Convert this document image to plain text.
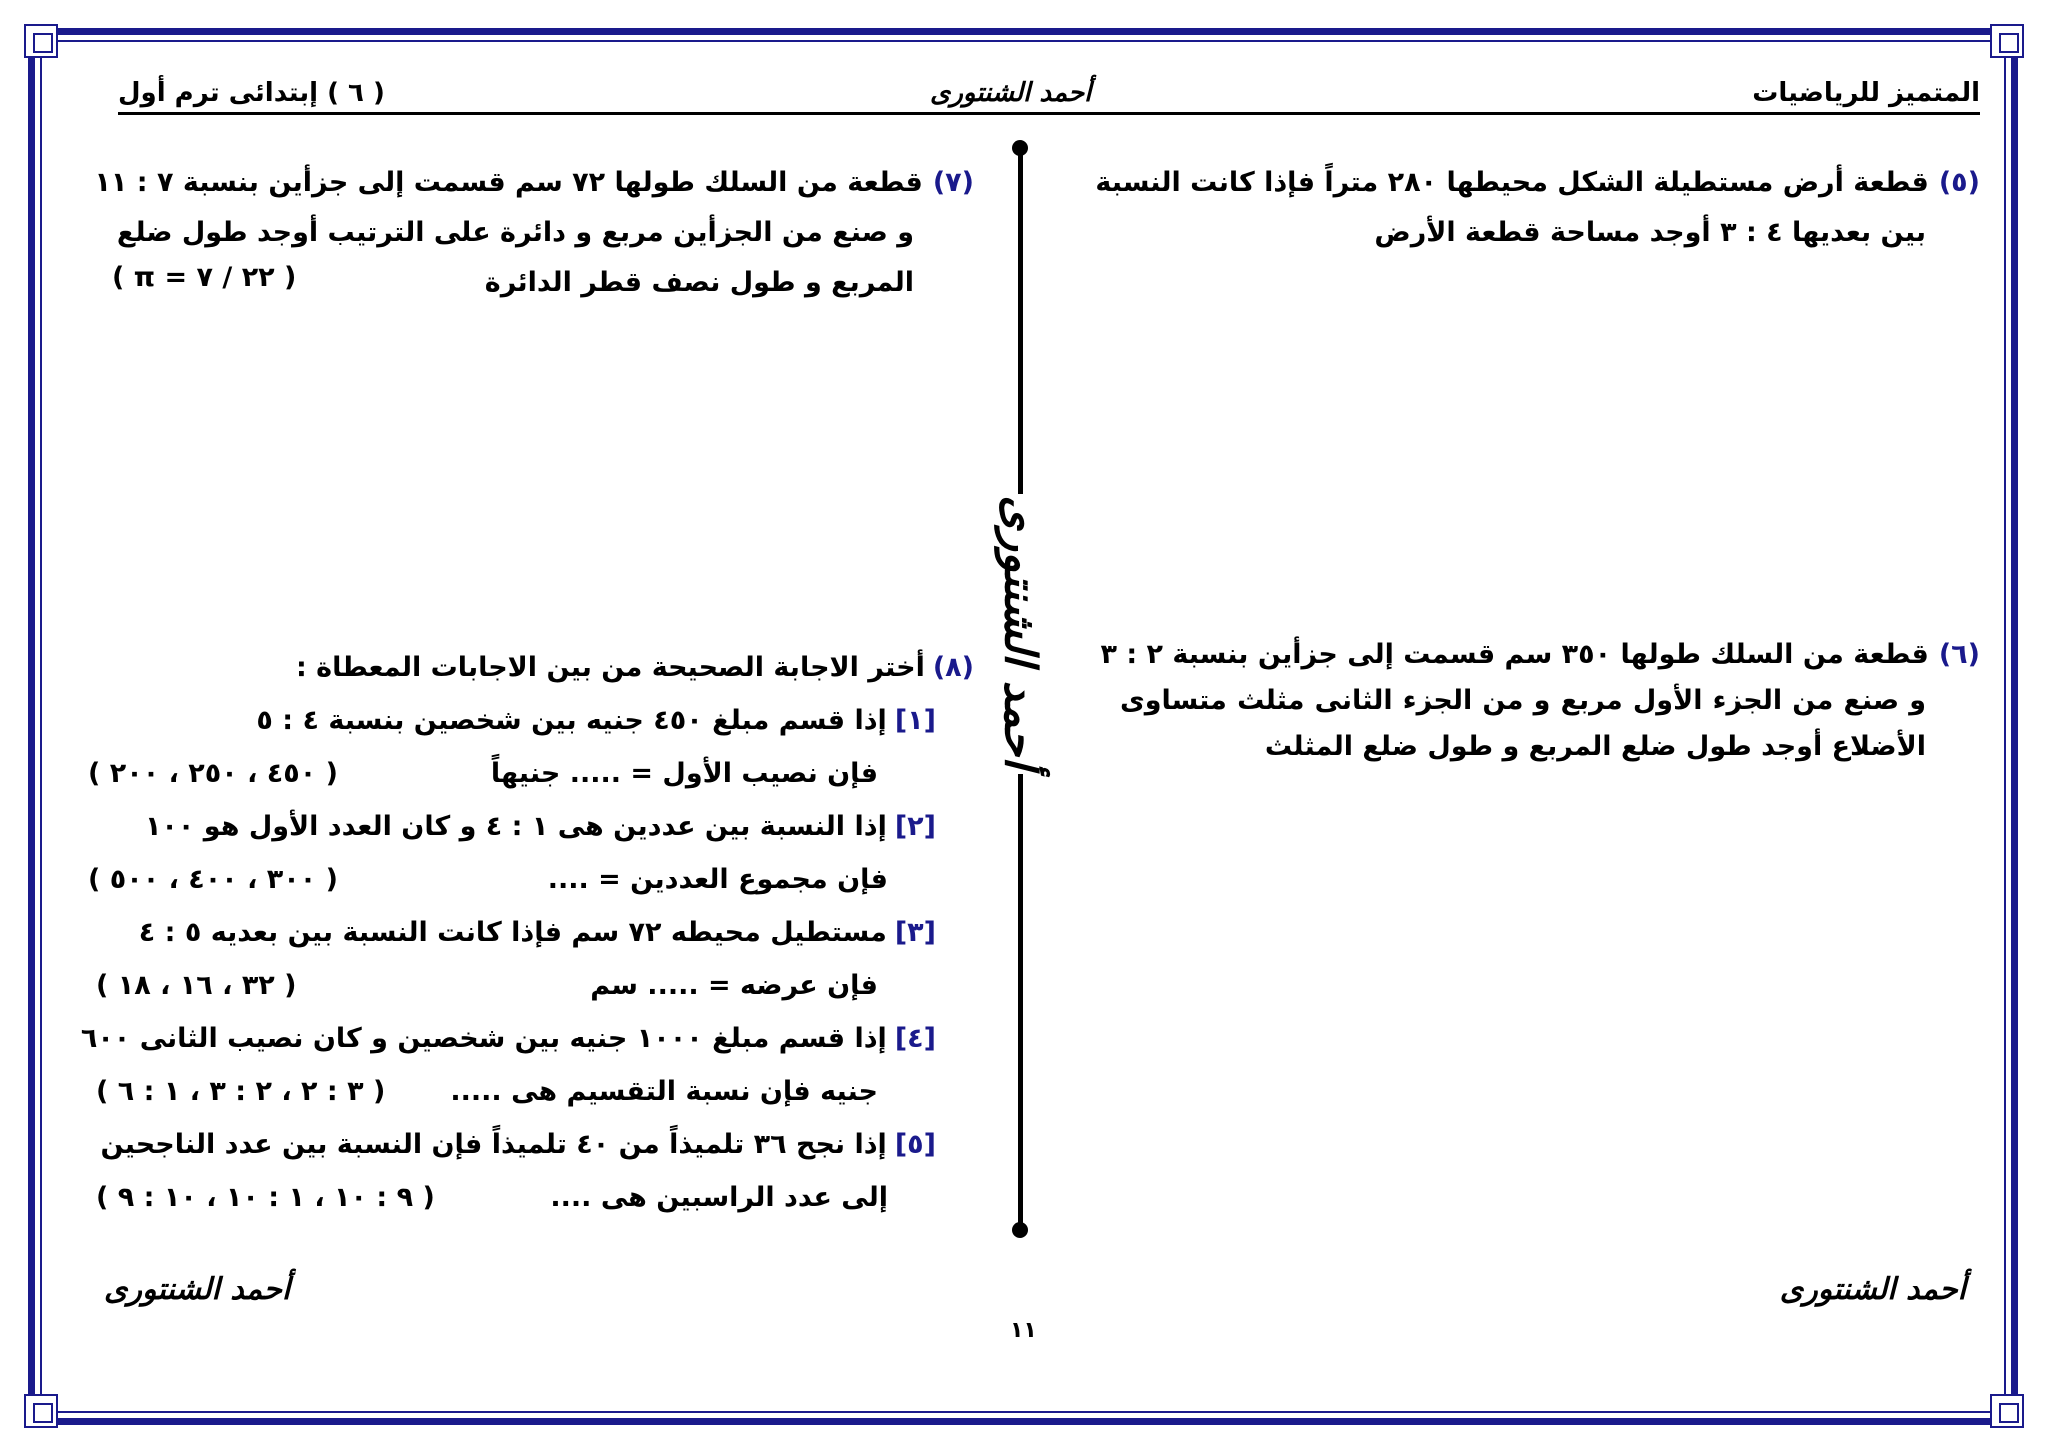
المتميز للرياضيات
أحمد الشنتورى
( ٦ ) إبتدائى ترم أول
أحمد الشنتورى
(٥)قطعة أرض مستطيلة الشكل محيطها ٢٨٠ متراً فإذا كانت النسبة
بين بعديها ٤ : ٣ أوجد مساحة قطعة الأرض
(٦)قطعة من السلك طولها ٣٥٠ سم قسمت إلى جزأين بنسبة ٢ : ٣
و صنع من الجزء الأول مربع و من الجزء الثانى مثلث متساوى
الأضلاع أوجد طول ضلع المربع و طول ضلع المثلث
(٧)قطعة من السلك طولها ٧٢ سم قسمت إلى جزأين بنسبة ٧ : ١١
و صنع من الجزأين مربع و دائرة على الترتيب أوجد طول ضلع
المربع و طول نصف قطر الدائرة
( π = ٢٢ / ٧ )
(٨)أختر الاجابة الصحيحة من بين الاجابات المعطاة :
[١]إذا قسم مبلغ ٤٥٠ جنيه بين شخصين بنسبة ٤ : ٥
فإن نصيب الأول = ..... جنيهاً
( ٤٥٠ ، ٢٥٠ ، ٢٠٠ )
[٢]إذا النسبة بين عددين هى ١ : ٤ و كان العدد الأول هو ١٠٠
فإن مجموع العددين = ....
( ٣٠٠ ، ٤٠٠ ، ٥٠٠ )
[٣]مستطيل محيطه ٧٢ سم فإذا كانت النسبة بين بعديه ٥ : ٤
فإن عرضه = ..... سم
( ٣٢ ، ١٦ ، ١٨ )
[٤]إذا قسم مبلغ ١٠٠٠ جنيه بين شخصين و كان نصيب الثانى ٦٠٠
جنيه فإن نسبة التقسيم هى .....
( ٣ : ٢ ، ٢ : ٣ ، ١ : ٦ )
[٥]إذا نجح ٣٦ تلميذاً من ٤٠ تلميذاً فإن النسبة بين عدد الناجحين
إلى عدد الراسبين هى ....
( ٩ : ١٠ ، ١ : ١٠ ، ١٠ : ٩ )
أحمد الشنتورى
أحمد الشنتورى
١١
